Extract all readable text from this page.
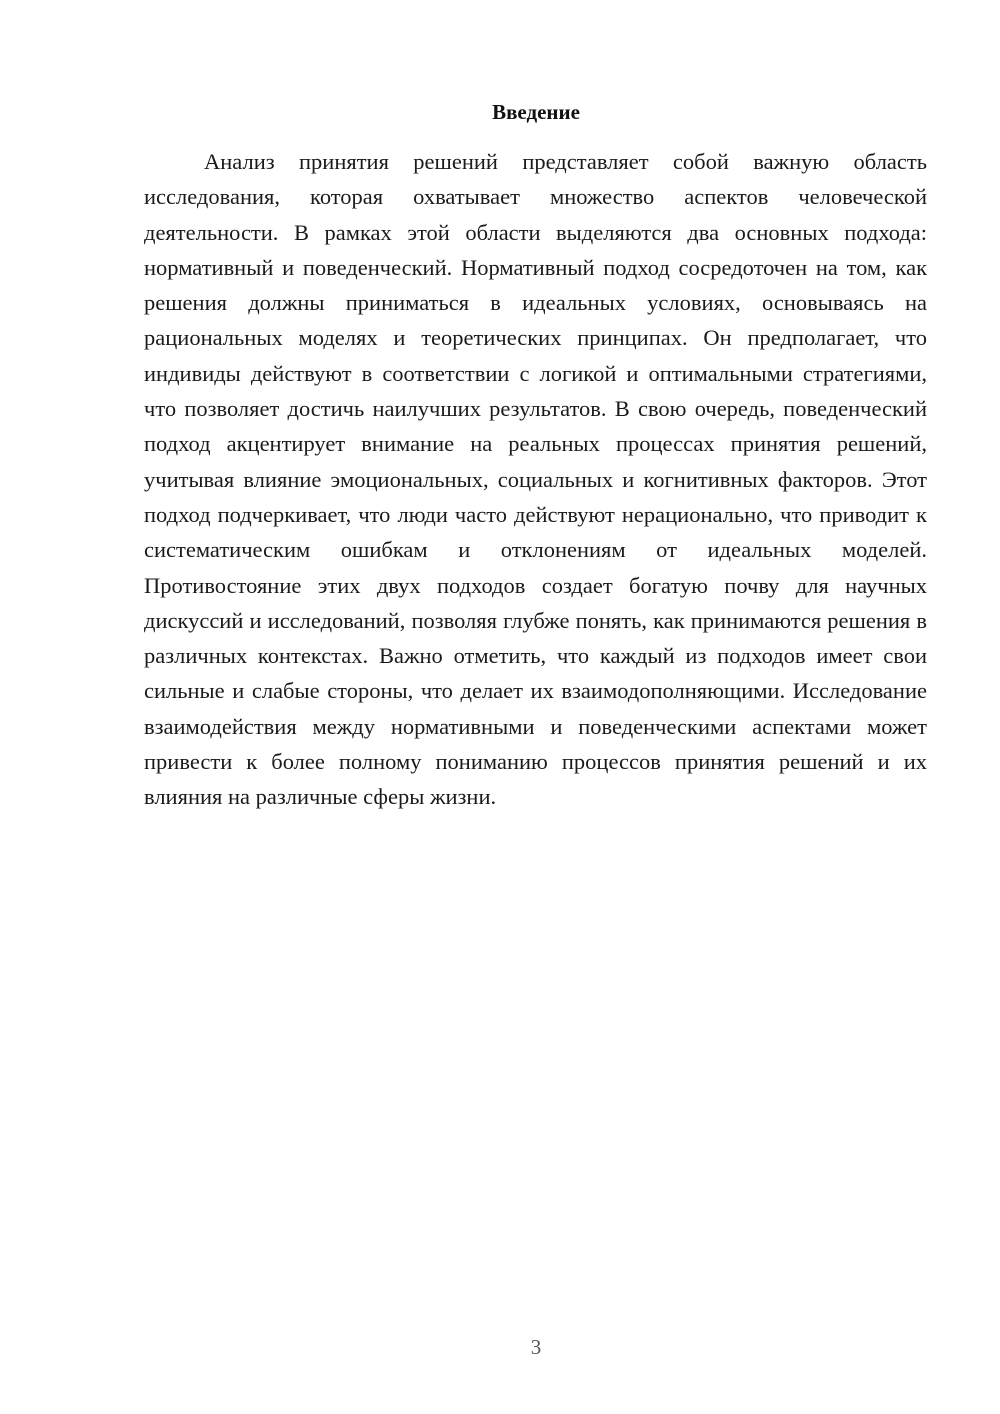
Введение

Анализ принятия решений представляет собой важную область исследования, которая охватывает множество аспектов человеческой деятельности. В рамках этой области выделяются два основных подхода: нормативный и поведенческий. Нормативный подход сосредоточен на том, как решения должны приниматься в идеальных условиях, основываясь на рациональных моделях и теоретических принципах. Он предполагает, что индивиды действуют в соответствии с логикой и оптимальными стратегиями, что позволяет достичь наилучших результатов. В свою очередь, поведенческий подход акцентирует внимание на реальных процессах принятия решений, учитывая влияние эмоциональных, социальных и когнитивных факторов. Этот подход подчеркивает, что люди часто действуют нерационально, что приводит к систематическим ошибкам и отклонениям от идеальных моделей. Противостояние этих двух подходов создает богатую почву для научных дискуссий и исследований, позволяя глубже понять, как принимаются решения в различных контекстах. Важно отметить, что каждый из подходов имеет свои сильные и слабые стороны, что делает их взаимодополняющими. Исследование взаимодействия между нормативными и поведенческими аспектами может привести к более полному пониманию процессов принятия решений и их влияния на различные сферы жизни.

3
